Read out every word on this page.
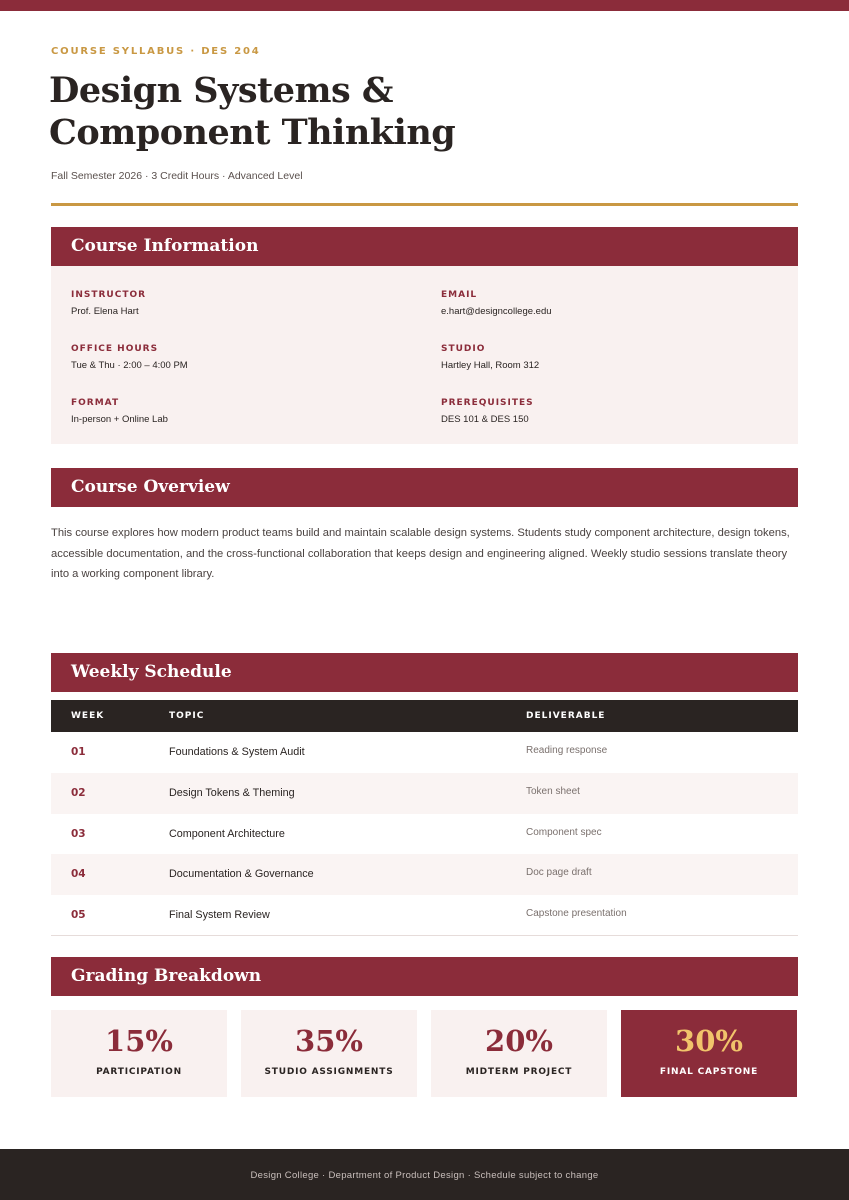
COURSE SYLLABUS · DES 204
Design Systems & Component Thinking
Fall Semester 2026 · 3 Credit Hours · Advanced Level
Course Information
INSTRUCTOR
Prof. Elena Hart
EMAIL
e.hart@designcollege.edu
OFFICE HOURS
Tue & Thu · 2:00 – 4:00 PM
STUDIO
Hartley Hall, Room 312
FORMAT
In-person + Online Lab
PREREQUISITES
DES 101 & DES 150
Course Overview

This course explores how modern product teams build and maintain scalable design systems. Students study component architecture, design tokens, accessible documentation, and the cross-functional collaboration that keeps design and engineering aligned. Weekly studio sessions translate theory into a working component library.

Weekly Schedule
WEEK	TOPIC	DELIVERABLE
01	Foundations & System Audit	Reading response
02	Design Tokens & Theming	Token sheet
03	Component Architecture	Component spec
04	Documentation & Governance	Doc page draft
05	Final System Review	Capstone presentation
Grading Breakdown
15%
PARTICIPATION
35%
STUDIO ASSIGNMENTS
20%
MIDTERM PROJECT
30%
FINAL CAPSTONE
Design College · Department of Product Design · Schedule subject to change
